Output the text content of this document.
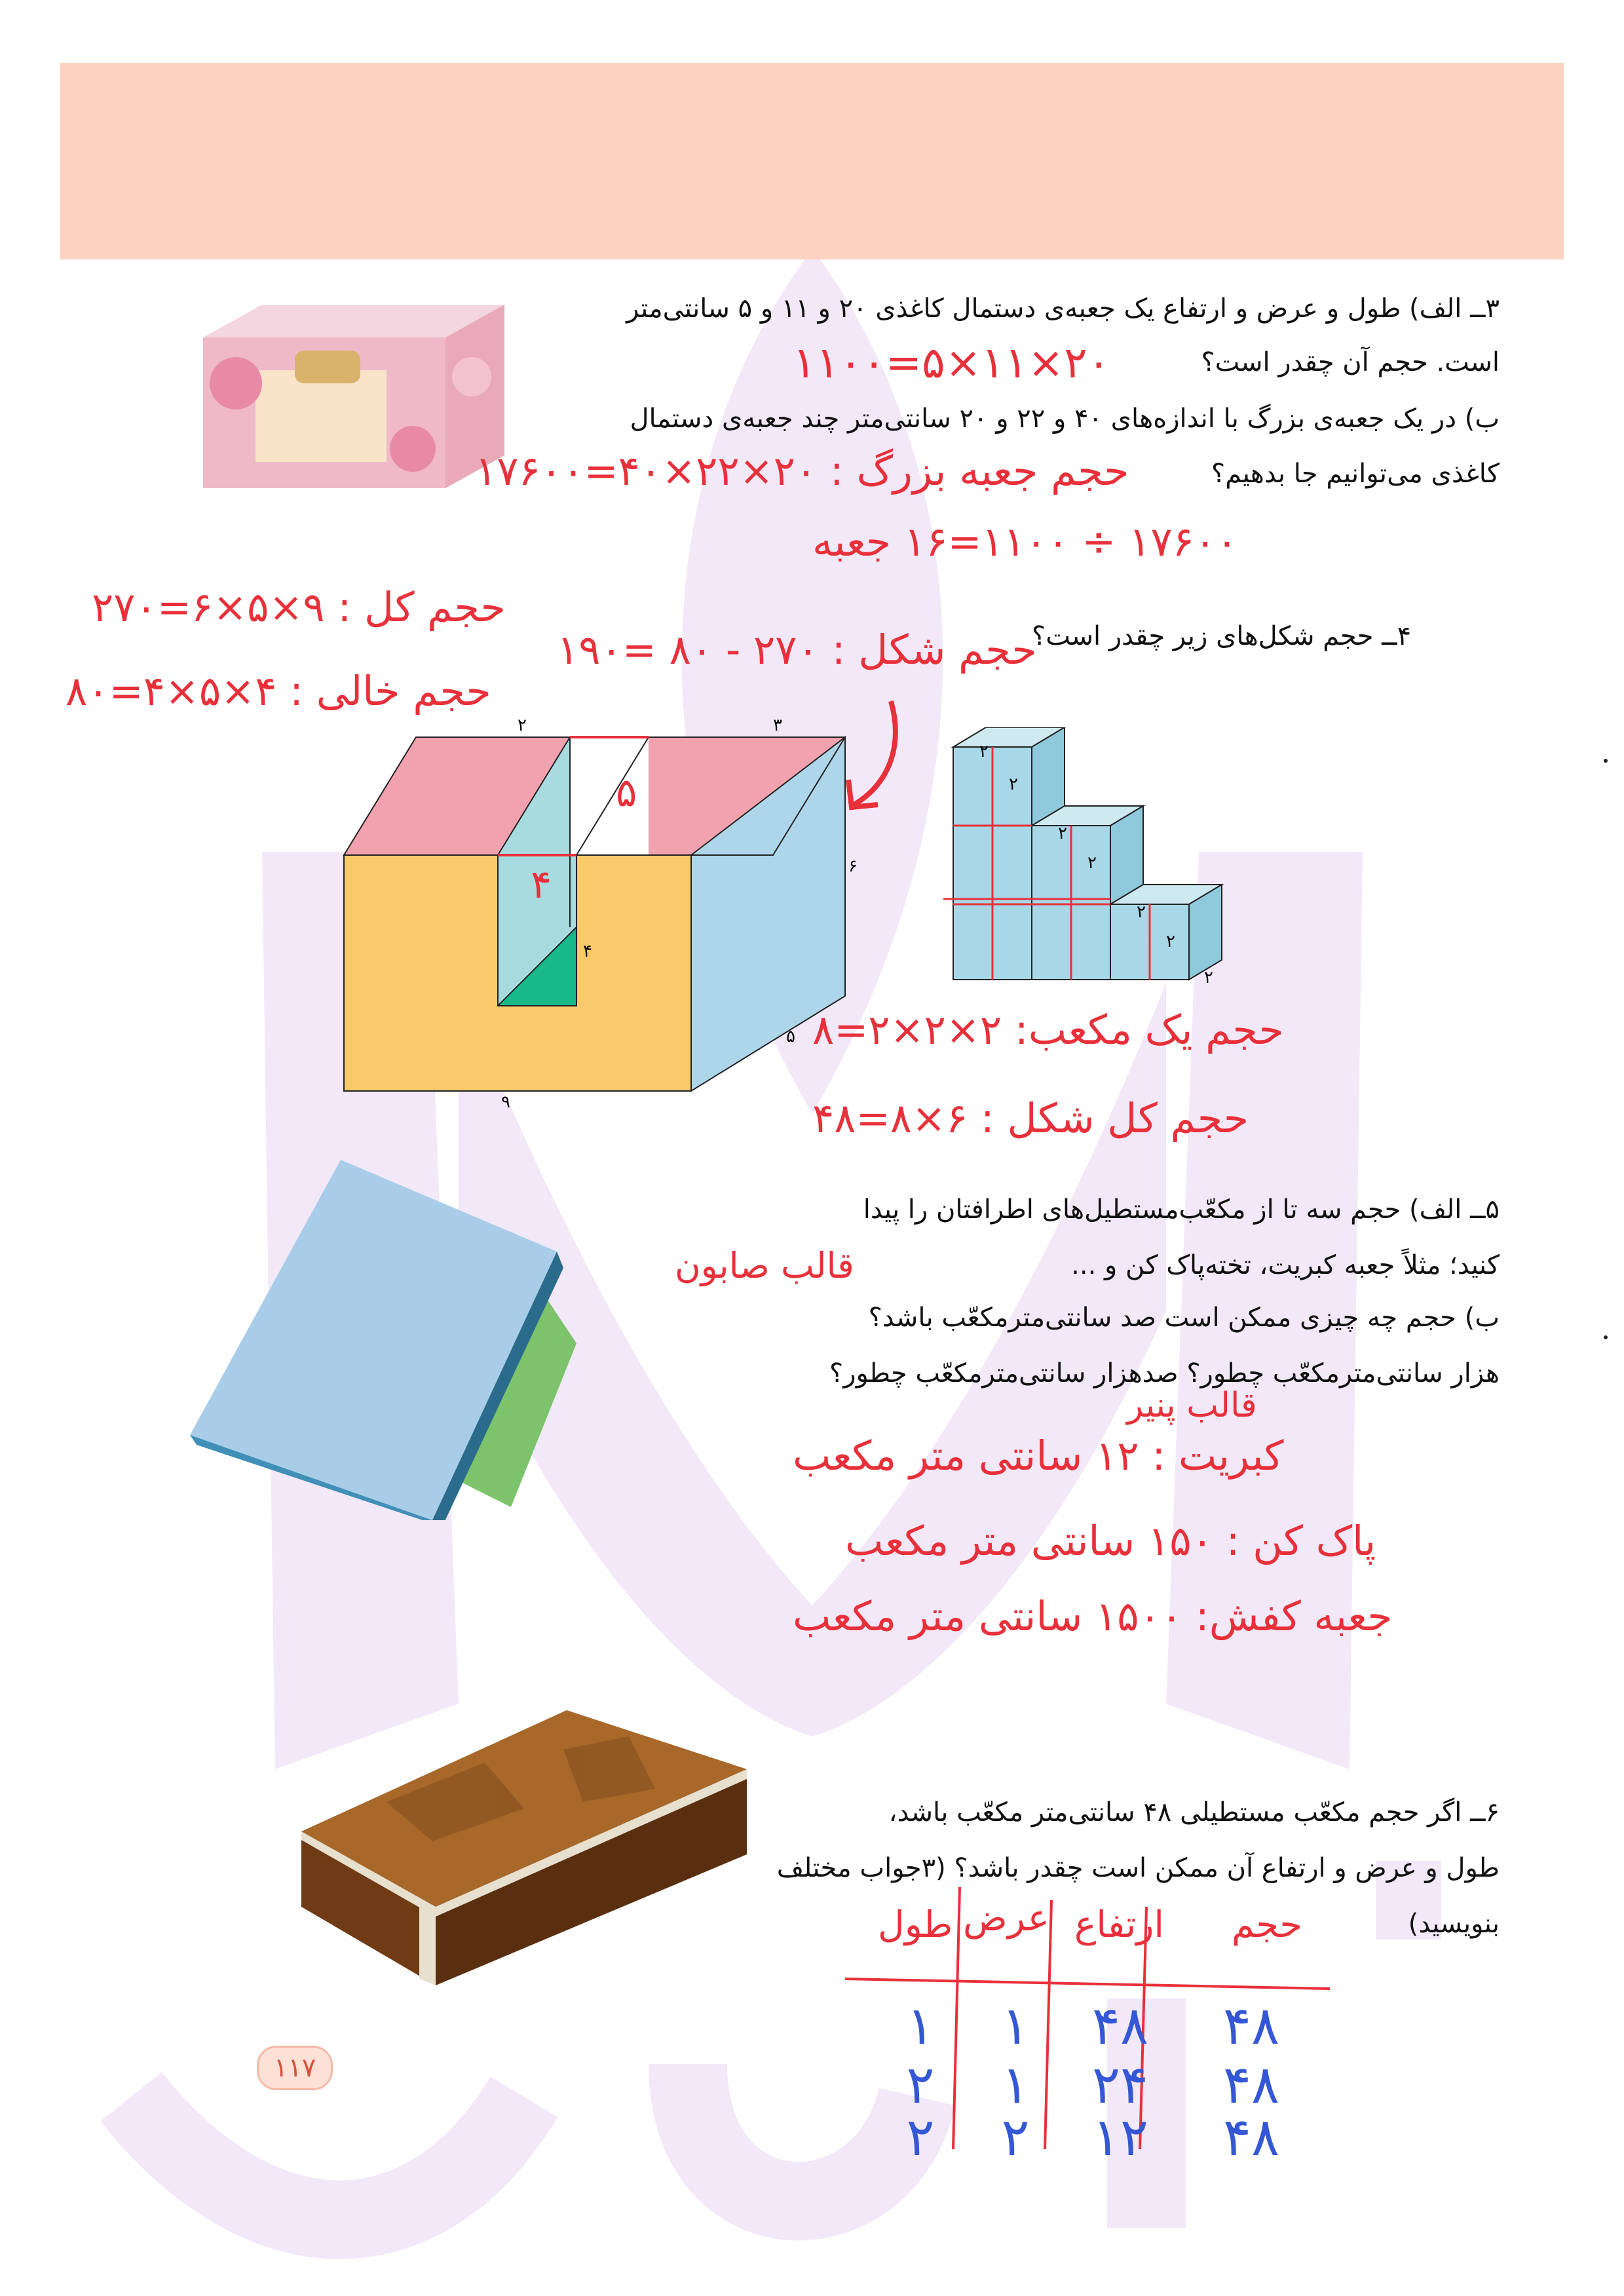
۳ــ الف) طول و عرض و ارتفاع یک جعبه‌ی دستمال کاغذی ۲۰ و ۱۱ و ۵ سانتی‌متر
است. حجم آن چقدر است؟
۲۰×۱۱×۵=۱۱۰۰
ب) در یک جعبه‌ی بزرگ با اندازه‌های ۴۰ و ۲۲ و ۲۰ سانتی‌متر چند جعبه‌ی دستمال
کاغذی می‌توانیم جا بدهیم؟
حجم جعبه بزرگ : ۲۰×۲۲×۴۰=۱۷۶۰۰
۱۷۶۰۰ ÷ ۱۱۰۰=۱۶ جعبه
حجم کل : ۹×۵×۶=۲۷۰
حجم خالی : ۴×۵×۴=۸۰
حجم شکل : ۲۷۰ - ۸۰ =۱۹۰
۴ــ حجم شکل‌های زیر چقدر است؟
۴
۵
۲	۳
۶
۴
۵
۹
۲
۲
۲
۲
۲
۲
۲
حجم یک مکعب: ۲×۲×۲=۸
حجم کل شکل : ۶×۸=۴۸
۵ــ الف) حجم سه تا از مکعّب‌مستطیل‌های اطرافتان را پیدا
کنید؛ مثلاً جعبه کبریت، تخته‌پاک کن و ...
قالب صابون
ب) حجم چه چیزی ممکن است صد سانتی‌مترمکعّب باشد؟
هزار سانتی‌مترمکعّب چطور؟ صدهزار سانتی‌مترمکعّب چطور؟
قالب پنیر
کبریت : ۱۲ سانتی متر مکعب
پاک کن : ۱۵۰ سانتی متر مکعب
جعبه کفش: ۱۵۰۰ سانتی متر مکعب
۶ــ اگر حجم مکعّب مستطیلی ۴۸ سانتی‌متر مکعّب باشد،
طول و عرض و ارتفاع آن ممکن است چقدر باشد؟ (۳جواب مختلف
بنویسید)
طول عرض ارتفاع حجم
۱	۱	۴۸ ۴۸
۲	۱	۲۴ ۴۸
۲	۲	۱۲ ۴۸
۱۱۷
